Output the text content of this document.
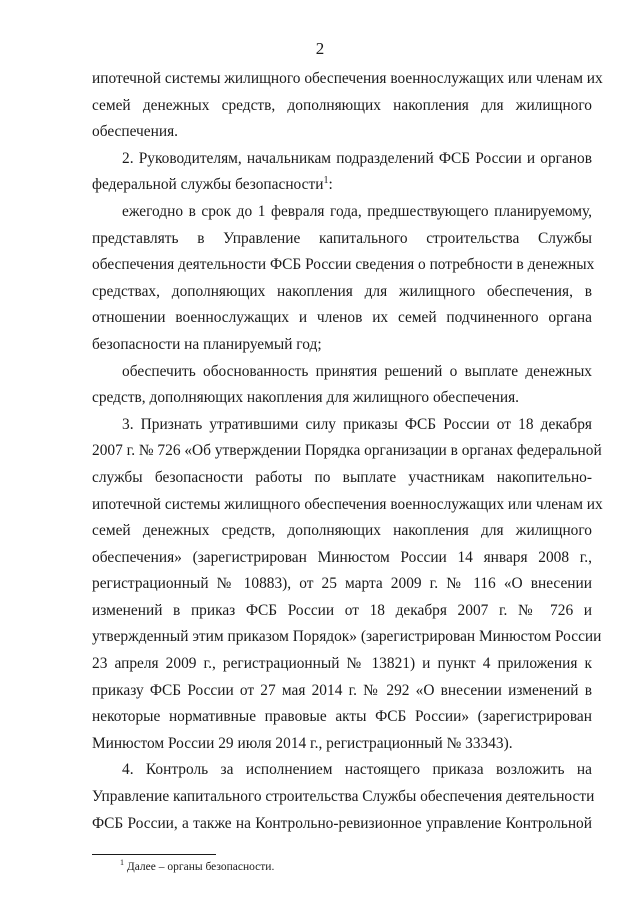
2
ипотечной системы жилищного обеспечения военнослужащих или членам их
семей денежных средств, дополняющих накопления для жилищного
обеспечения.
2. Руководителям, начальникам подразделений ФСБ России и органов
федеральной службы безопасности$^1$:
ежегодно в срок до 1 февраля года, предшествующего планируемому,
представлять в Управление капитального строительства Службы
обеспечения деятельности ФСБ России сведения о потребности в денежных
средствах, дополняющих накопления для жилищного обеспечения, в
отношении военнослужащих и членов их семей подчиненного органа
безопасности на планируемый год;
обеспечить обоснованность принятия решений о выплате денежных
средств, дополняющих накопления для жилищного обеспечения.
3. Признать утратившими силу приказы ФСБ России от 18 декабря
2007 г. № 726 «Об утверждении Порядка организации в органах федеральной
службы безопасности работы по выплате участникам накопительно-
ипотечной системы жилищного обеспечения военнослужащих или членам их
семей денежных средств, дополняющих накопления для жилищного
обеспечения» (зарегистрирован Минюстом России 14 января 2008 г.,
регистрационный № 10883), от 25 марта 2009 г. № 116 «О внесении
изменений в приказ ФСБ России от 18 декабря 2007 г. № 726 и
утвержденный этим приказом Порядок» (зарегистрирован Минюстом России
23 апреля 2009 г., регистрационный № 13821) и пункт 4 приложения к
приказу ФСБ России от 27 мая 2014 г. № 292 «О внесении изменений в
некоторые нормативные правовые акты ФСБ России» (зарегистрирован
Минюстом России 29 июля 2014 г., регистрационный № 33343).
4. Контроль за исполнением настоящего приказа возложить на
Управление капитального строительства Службы обеспечения деятельности
ФСБ России, а также на Контрольно-ревизионное управление Контрольной
$^1$ Далее – органы безопасности.
